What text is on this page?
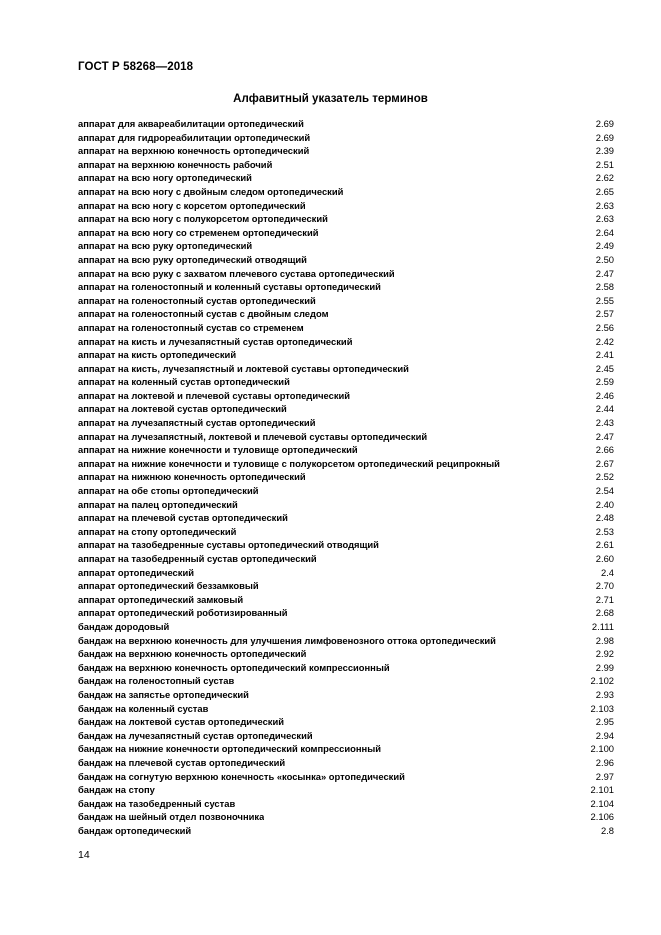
ГОСТ Р 58268—2018
Алфавитный указатель терминов
аппарат для аквареабилитации ортопедический	2.69
аппарат для гидрореабилитации ортопедический	2.69
аппарат на верхнюю конечность ортопедический	2.39
аппарат на верхнюю конечность рабочий	2.51
аппарат на всю ногу ортопедический	2.62
аппарат на всю ногу с двойным следом ортопедический	2.65
аппарат на всю ногу с корсетом ортопедический	2.63
аппарат на всю ногу с полукорсетом ортопедический	2.63
аппарат на всю ногу со стременем ортопедический	2.64
аппарат на всю руку ортопедический	2.49
аппарат на всю руку ортопедический отводящий	2.50
аппарат на всю руку с захватом плечевого сустава ортопедический	2.47
аппарат на голеностопный и коленный суставы ортопедический	2.58
аппарат на голеностопный сустав ортопедический	2.55
аппарат на голеностопный сустав с двойным следом	2.57
аппарат на голеностопный сустав со стременем	2.56
аппарат на кисть и лучезапястный сустав ортопедический	2.42
аппарат на кисть ортопедический	2.41
аппарат на кисть, лучезапястный и локтевой суставы ортопедический	2.45
аппарат на коленный сустав ортопедический	2.59
аппарат на локтевой и плечевой суставы ортопедический	2.46
аппарат на локтевой сустав ортопедический	2.44
аппарат на лучезапястный сустав ортопедический	2.43
аппарат на лучезапястный, локтевой и плечевой суставы ортопедический	2.47
аппарат на нижние конечности и туловище ортопедический	2.66
аппарат на нижние конечности и туловище с полукорсетом ортопедический реципрокный	2.67
аппарат на нижнюю конечность ортопедический	2.52
аппарат на обе стопы ортопедический	2.54
аппарат на палец ортопедический	2.40
аппарат на плечевой сустав ортопедический	2.48
аппарат на стопу ортопедический	2.53
аппарат на тазобедренные суставы ортопедический отводящий	2.61
аппарат на тазобедренный сустав ортопедический	2.60
аппарат ортопедический	2.4
аппарат ортопедический беззамковый	2.70
аппарат ортопедический замковый	2.71
аппарат ортопедический роботизированный	2.68
бандаж дородовый	2.111
бандаж на верхнюю конечность для улучшения лимфовенозного оттока ортопедический	2.98
бандаж на верхнюю конечность ортопедический	2.92
бандаж на верхнюю конечность ортопедический компрессионный	2.99
бандаж на голеностопный сустав	2.102
бандаж на запястье ортопедический	2.93
бандаж на коленный сустав	2.103
бандаж на локтевой сустав ортопедический	2.95
бандаж на лучезапястный сустав ортопедический	2.94
бандаж на нижние конечности ортопедический компрессионный	2.100
бандаж на плечевой сустав ортопедический	2.96
бандаж на согнутую верхнюю конечность «косынка» ортопедический	2.97
бандаж на стопу	2.101
бандаж на тазобедренный сустав	2.104
бандаж на шейный отдел позвоночника	2.106
бандаж ортопедический	2.8
14
